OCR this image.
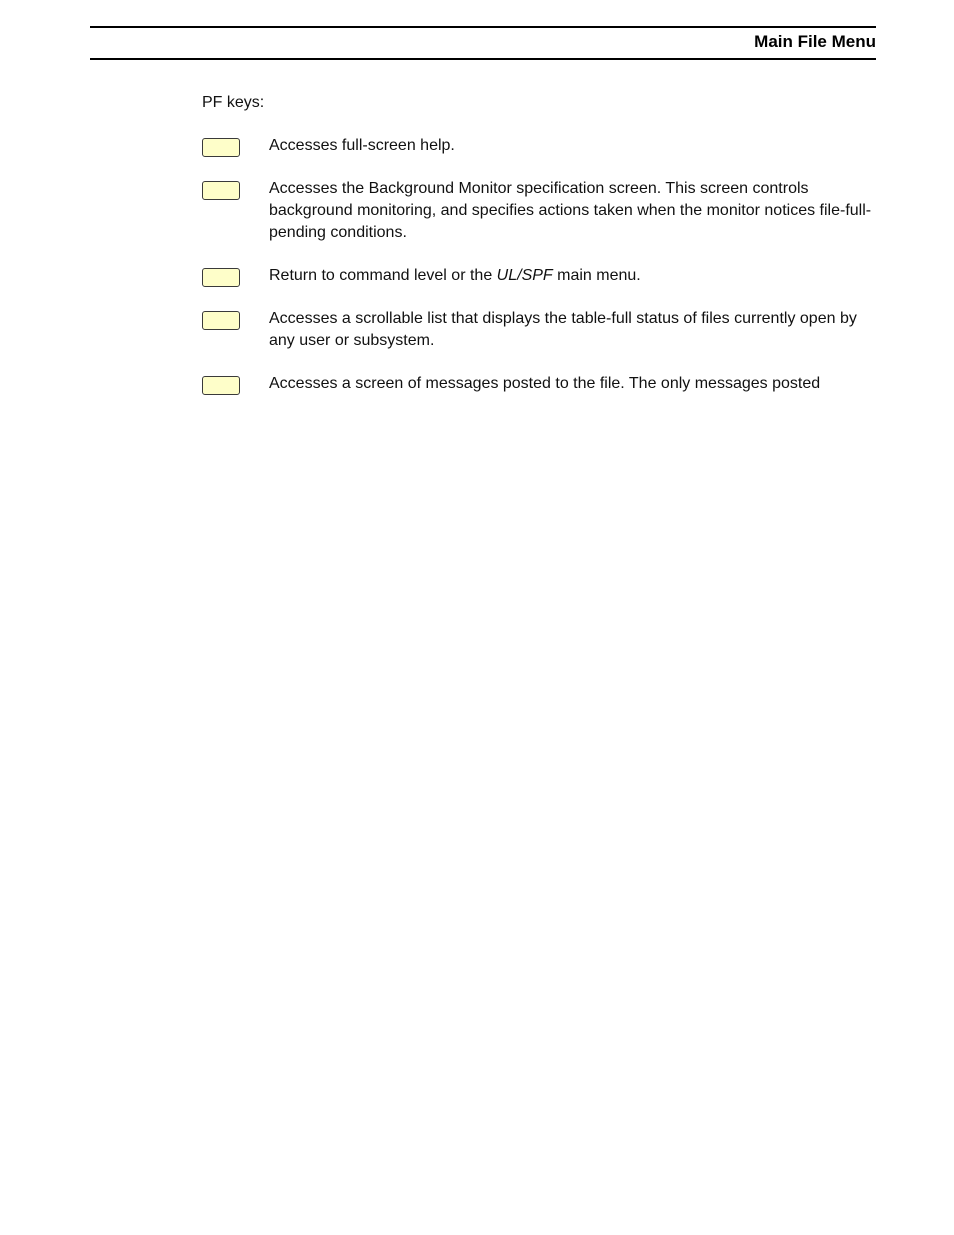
Main File Menu
PF keys:
Accesses full-screen help.
Accesses the Background Monitor specification screen. This screen controls background monitoring, and specifies actions taken when the monitor notices file-full-pending conditions.
Return to command level or the UL/SPF main menu.
Accesses a scrollable list that displays the table-full status of files currently open by any user or subsystem.
Accesses a screen of messages posted to the file. The only messages posted
